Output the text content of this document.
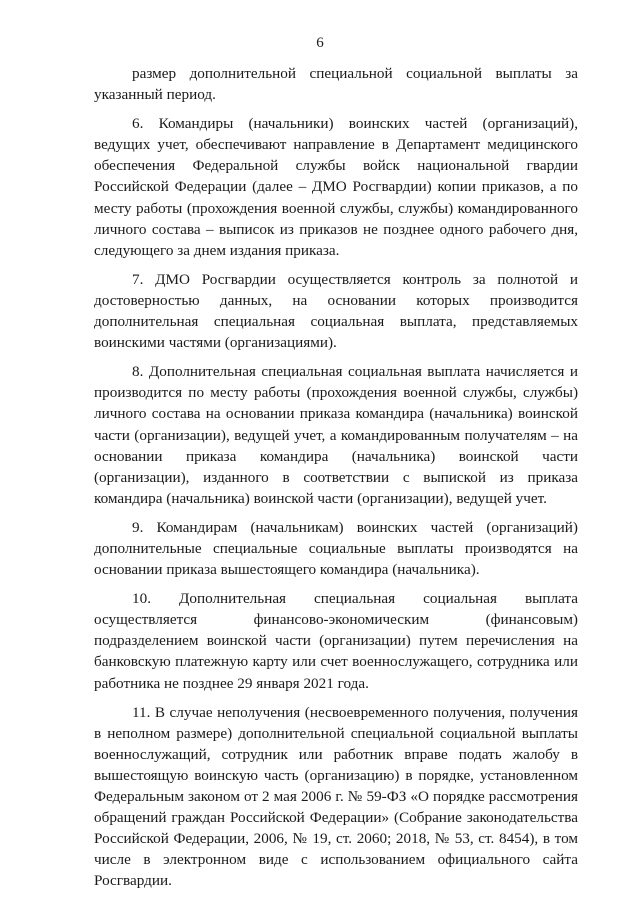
6

размер дополнительной специальной социальной выплаты за указанный период.

6. Командиры (начальники) воинских частей (организаций), ведущих учет, обеспечивают направление в Департамент медицинского обеспечения Федеральной службы войск национальной гвардии Российской Федерации (далее – ДМО Росгвардии) копии приказов, а по месту работы (прохождения военной службы, службы) командированного личного состава – выписок из приказов не позднее одного рабочего дня, следующего за днем издания приказа.

7. ДМО Росгвардии осуществляется контроль за полнотой и достоверностью данных, на основании которых производится дополнительная специальная социальная выплата, представляемых воинскими частями (организациями).

8. Дополнительная специальная социальная выплата начисляется и производится по месту работы (прохождения военной службы, службы) личного состава на основании приказа командира (начальника) воинской части (организации), ведущей учет, а командированным получателям – на основании приказа командира (начальника) воинской части (организации), изданного в соответствии с выпиской из приказа командира (начальника) воинской части (организации), ведущей учет.

9. Командирам (начальникам) воинских частей (организаций) дополнительные специальные социальные выплаты производятся на основании приказа вышестоящего командира (начальника).

10. Дополнительная специальная социальная выплата осуществляется финансово-экономическим (финансовым) подразделением воинской части (организации) путем перечисления на банковскую платежную карту или счет военнослужащего, сотрудника или работника не позднее 29 января 2021 года.

11. В случае неполучения (несвоевременного получения, получения в неполном размере) дополнительной специальной социальной выплаты военнослужащий, сотрудник или работник вправе подать жалобу в вышестоящую воинскую часть (организацию) в порядке, установленном Федеральным законом от 2 мая 2006 г. № 59-ФЗ «О порядке рассмотрения обращений граждан Российской Федерации» (Собрание законодательства Российской Федерации, 2006, № 19, ст. 2060; 2018, № 53, ст. 8454), в том числе в электронном виде с использованием официального сайта Росгвардии.
